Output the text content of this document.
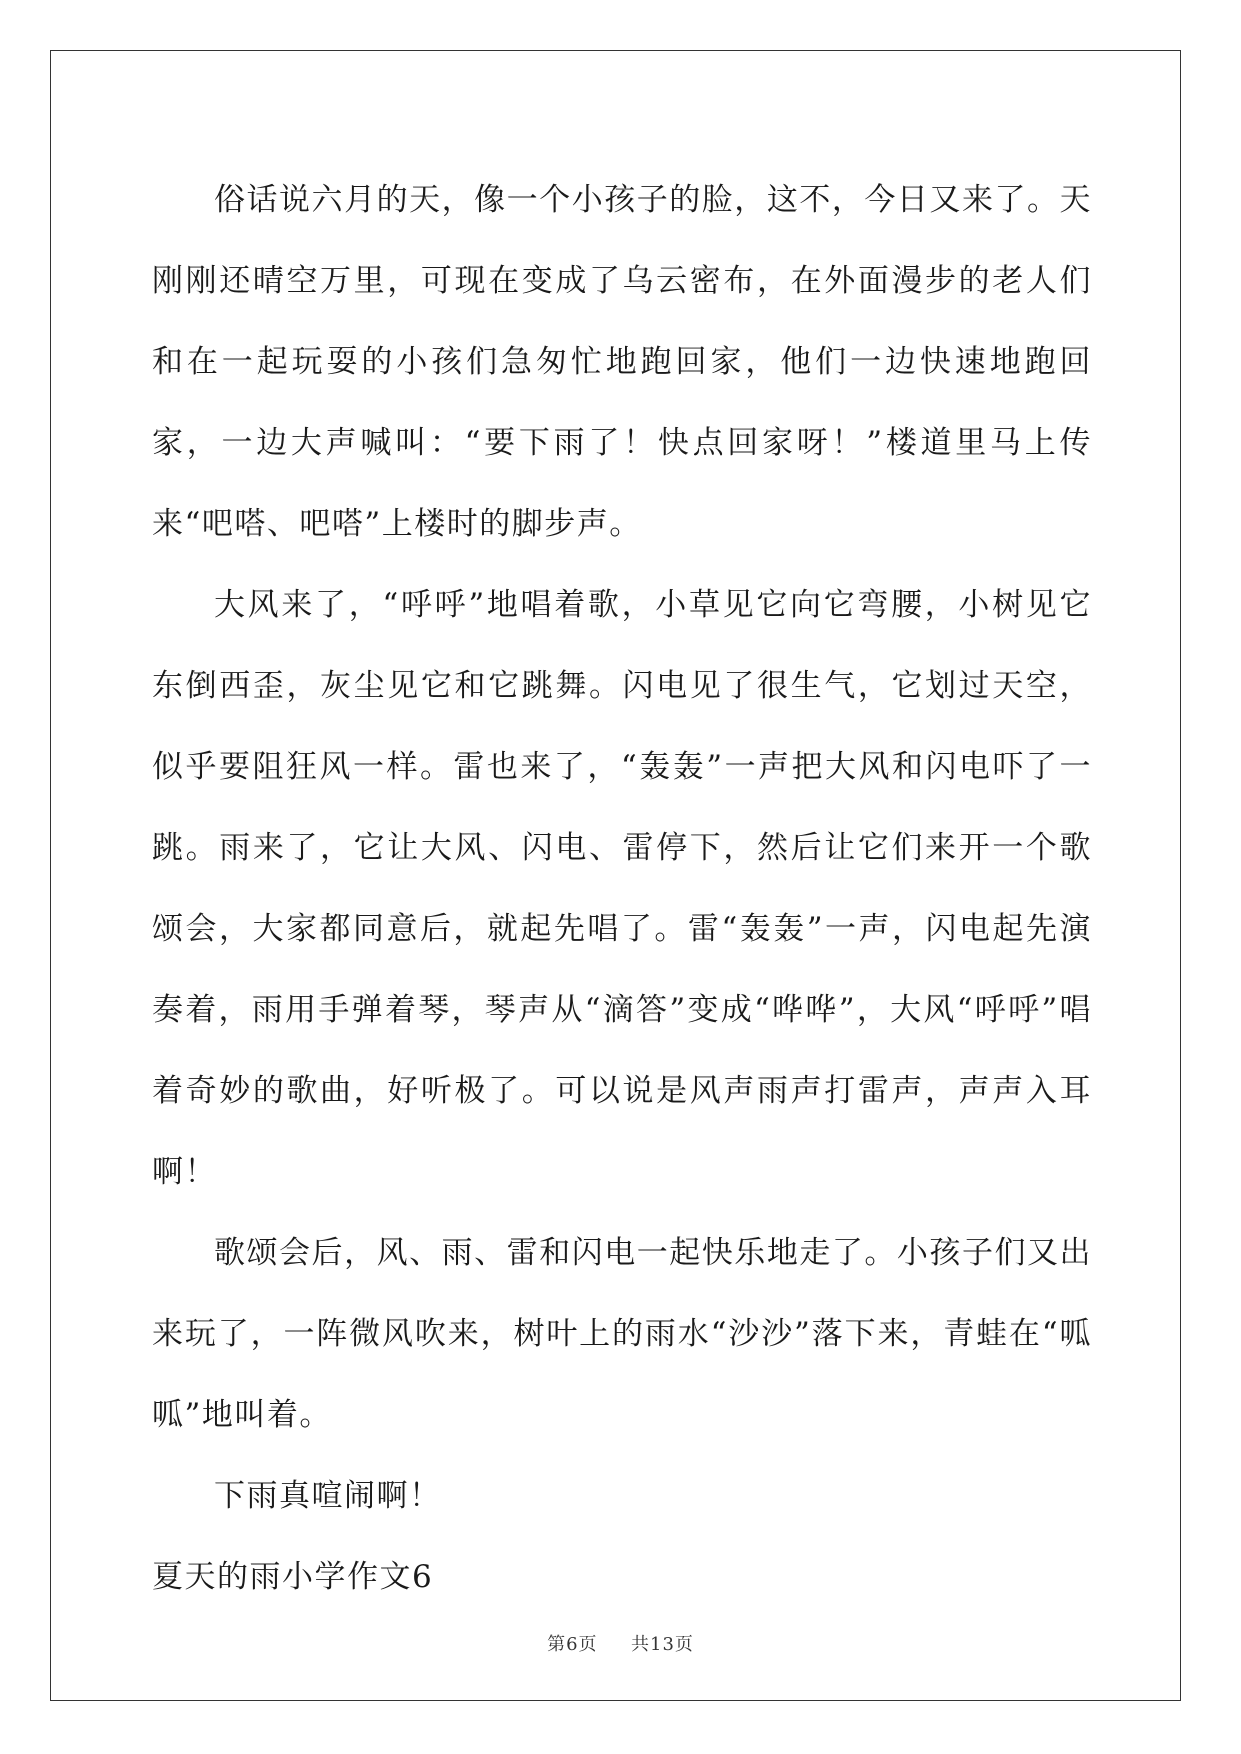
俗话说六月的天，像一个小孩子的脸，这不，今日又来了。天刚刚还晴空万里，可现在变成了乌云密布，在外面漫步的老人们和在一起玩耍的小孩们急匆忙地跑回家，他们一边快速地跑回家，一边大声喊叫：“要下雨了！快点回家呀！”楼道里马上传来“吧嗒、吧嗒”上楼时的脚步声。

大风来了，“呼呼”地唱着歌，小草见它向它弯腰，小树见它东倒西歪，灰尘见它和它跳舞。闪电见了很生气，它划过天空，似乎要阻狂风一样。雷也来了，“轰轰”一声把大风和闪电吓了一跳。雨来了，它让大风、闪电、雷停下，然后让它们来开一个歌颂会，大家都同意后，就起先唱了。雷“轰轰”一声，闪电起先演奏着，雨用手弹着琴，琴声从“滴答”变成“哗哗”，大风“呼呼”唱着奇妙的歌曲，好听极了。可以说是风声雨声打雷声，声声入耳啊！

歌颂会后，风、雨、雷和闪电一起快乐地走了。小孩子们又出来玩了，一阵微风吹来，树叶上的雨水“沙沙”落下来，青蛙在“呱呱”地叫着。

下雨真喧闹啊！

夏天的雨小学作文6

第6页 共13页
